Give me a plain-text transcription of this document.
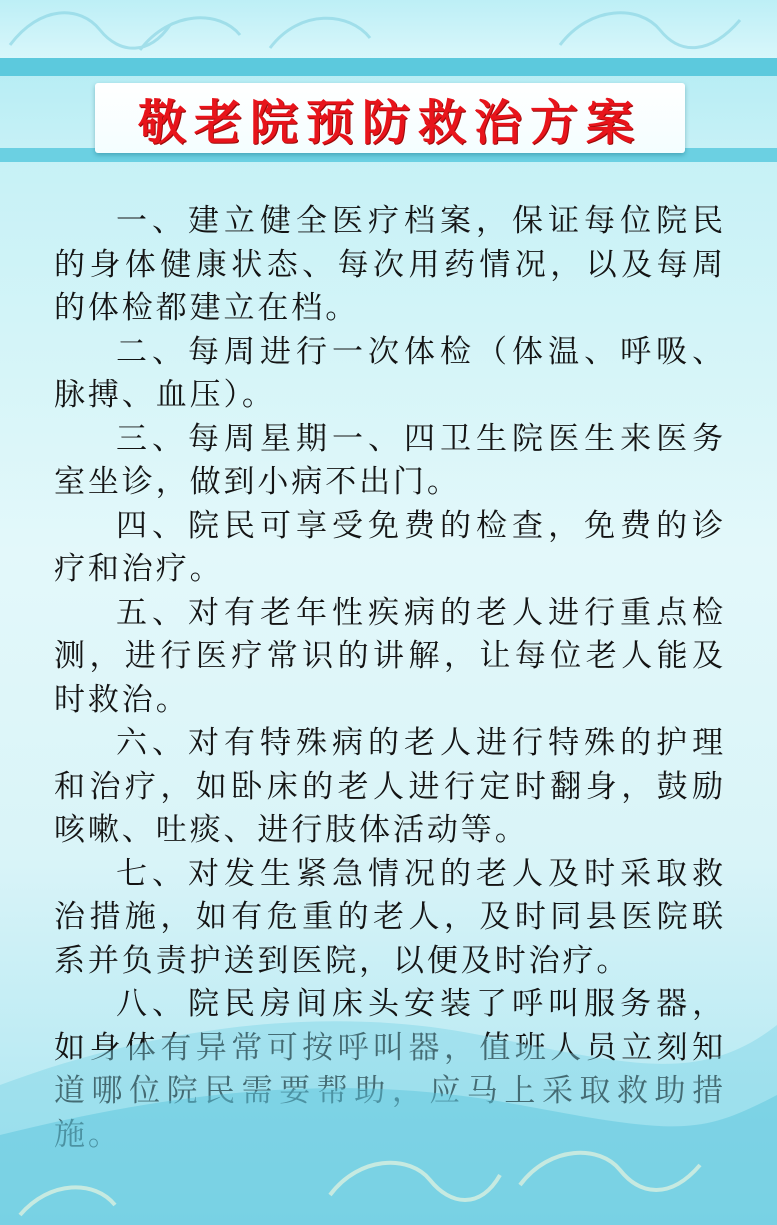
敬老院预防救治方案

一、建立健全医疗档案，保证每位院民的身体健康状态、每次用药情况，以及每周的体检都建立在档。

二、每周进行一次体检（体温、呼吸、脉搏、血压）。

三、每周星期一、四卫生院医生来医务室坐诊，做到小病不出门。

四、院民可享受免费的检查，免费的诊疗和治疗。

五、对有老年性疾病的老人进行重点检测，进行医疗常识的讲解，让每位老人能及时救治。

六、对有特殊病的老人进行特殊的护理和治疗，如卧床的老人进行定时翻身，鼓励咳嗽、吐痰、进行肢体活动等。

七、对发生紧急情况的老人及时采取救治措施，如有危重的老人，及时同县医院联系并负责护送到医院，以便及时治疗。

八、院民房间床头安装了呼叫服务器，如身体有异常可按呼叫器，值班人员立刻知道哪位院民需要帮助，应马上采取救助措施。
